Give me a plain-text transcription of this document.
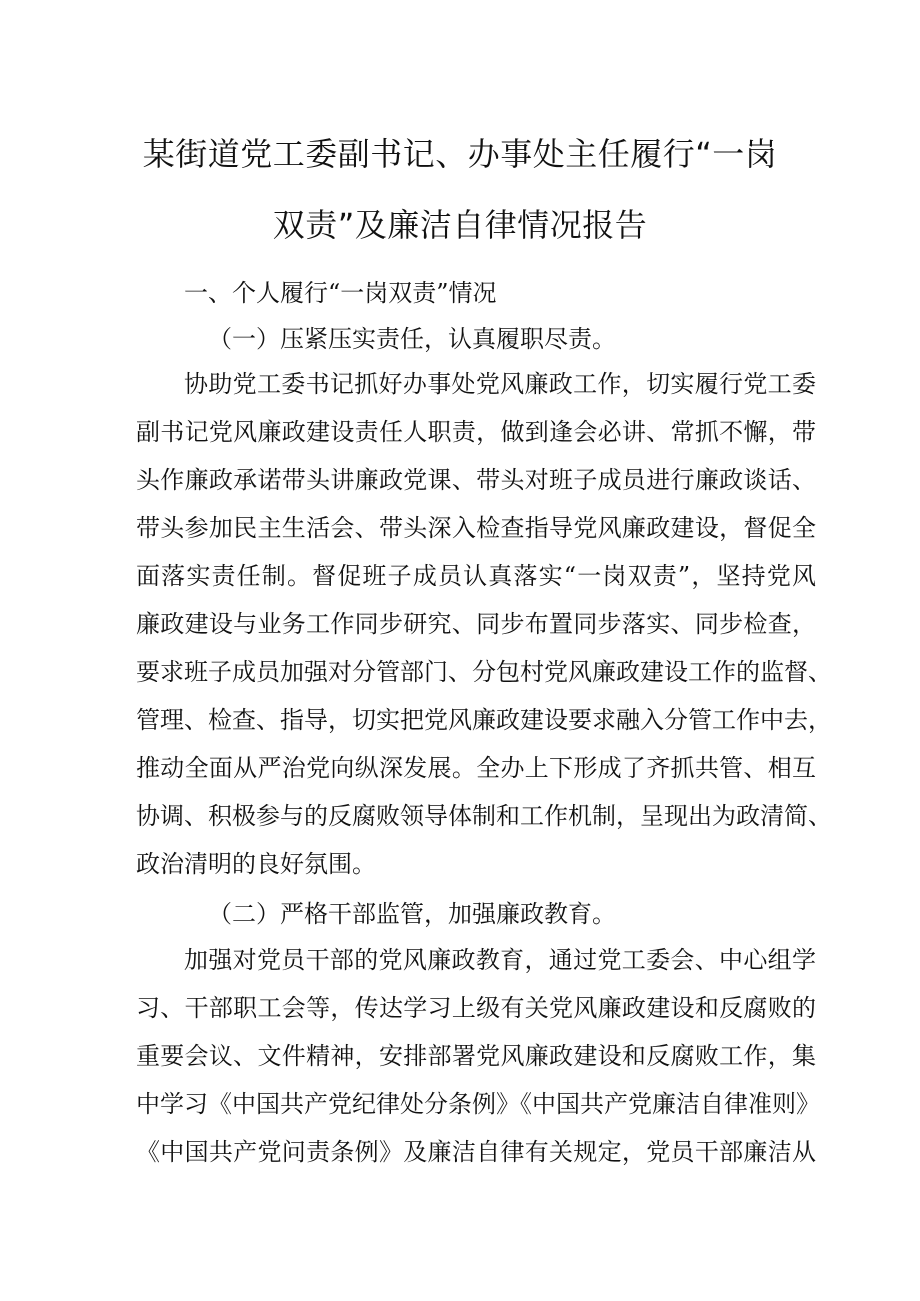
某街道党工委副书记、办事处主任履行“一岗
双责”及廉洁自律情况报告
一、个人履行“一岗双责”情况
（一）压紧压实责任，认真履职尽责。
协助党工委书记抓好办事处党风廉政工作，切实履行党工委
副书记党风廉政建设责任人职责，做到逢会必讲、常抓不懈，带
头作廉政承诺带头讲廉政党课、带头对班子成员进行廉政谈话、
带头参加民主生活会、带头深入检查指导党风廉政建设，督促全
面落实责任制。督促班子成员认真落实“一岗双责”，坚持党风
廉政建设与业务工作同步研究、同步布置同步落实、同步检查，
要求班子成员加强对分管部门、分包村党风廉政建设工作的监督、
管理、检查、指导，切实把党风廉政建设要求融入分管工作中去，
推动全面从严治党向纵深发展。全办上下形成了齐抓共管、相互
协调、积极参与的反腐败领导体制和工作机制，呈现出为政清简、
政治清明的良好氛围。
（二）严格干部监管，加强廉政教育。
加强对党员干部的党风廉政教育，通过党工委会、中心组学
习、干部职工会等，传达学习上级有关党风廉政建设和反腐败的
重要会议、文件精神，安排部署党风廉政建设和反腐败工作，集
中学习《中国共产党纪律处分条例》《中国共产党廉洁自律准则》
《中国共产党问责条例》及廉洁自律有关规定，党员干部廉洁从
